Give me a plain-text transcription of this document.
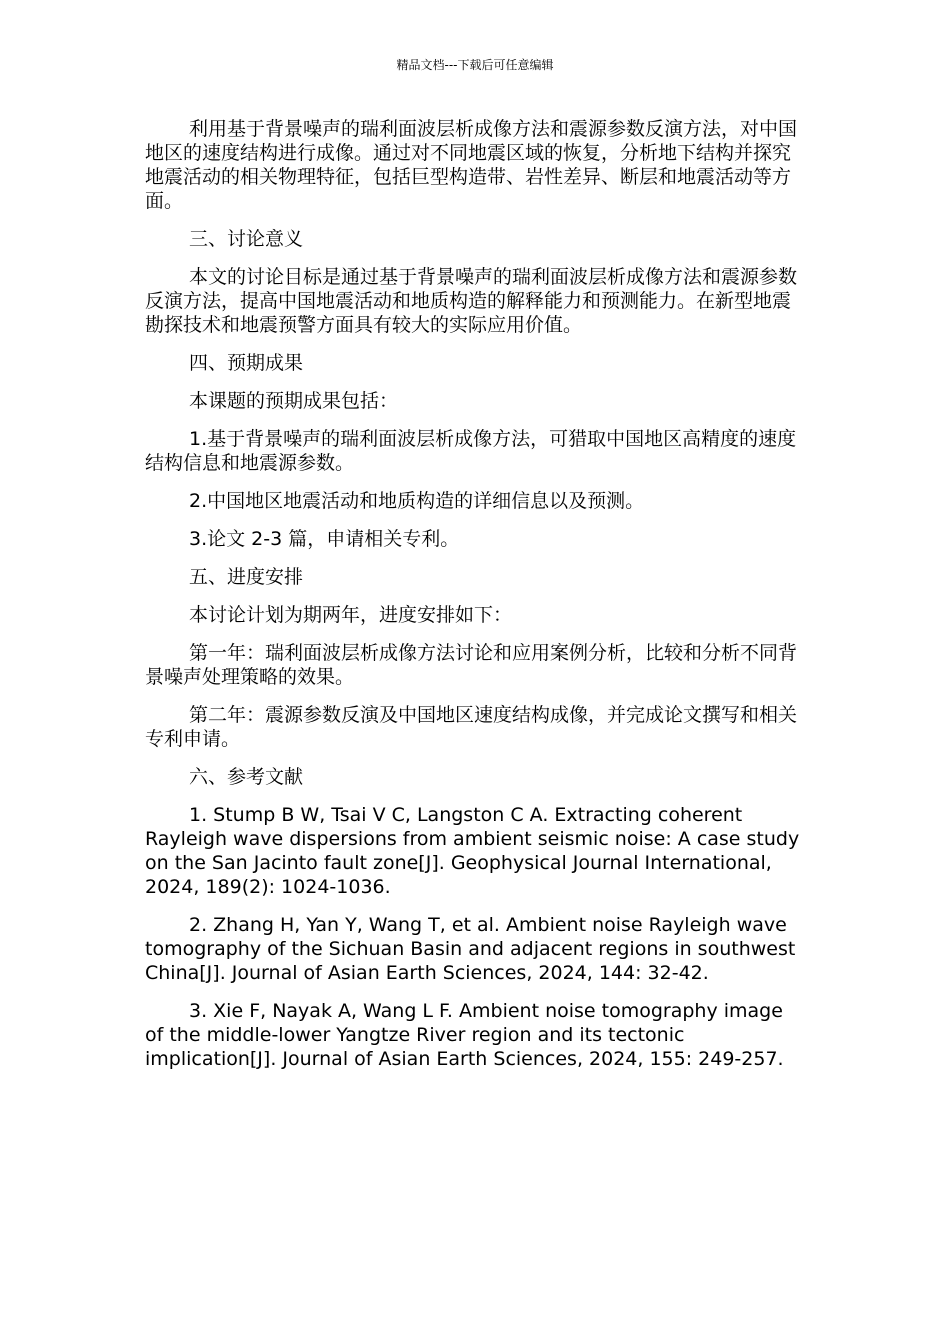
精品文档---下载后可任意编辑

利用基于背景噪声的瑞利面波层析成像方法和震源参数反演方法，对中国地区的速度结构进行成像。通过对不同地震区域的恢复，分析地下结构并探究地震活动的相关物理特征，包括巨型构造带、岩性差异、断层和地震活动等方面。

三、讨论意义

本文的讨论目标是通过基于背景噪声的瑞利面波层析成像方法和震源参数反演方法，提高中国地震活动和地质构造的解释能力和预测能力。在新型地震勘探技术和地震预警方面具有较大的实际应用价值。

四、预期成果

本课题的预期成果包括：

1.基于背景噪声的瑞利面波层析成像方法，可猎取中国地区高精度的速度结构信息和地震源参数。

2.中国地区地震活动和地质构造的详细信息以及预测。

3.论文 2-3 篇，申请相关专利。

五、进度安排

本讨论计划为期两年，进度安排如下：

第一年：瑞利面波层析成像方法讨论和应用案例分析，比较和分析不同背景噪声处理策略的效果。

第二年：震源参数反演及中国地区速度结构成像，并完成论文撰写和相关专利申请。

六、参考文献

1. Stump B W, Tsai V C, Langston C A. Extracting coherent Rayleigh wave dispersions from ambient seismic noise: A case study on the San Jacinto fault zone[J]. Geophysical Journal International, 2024, 189(2): 1024-1036.

2. Zhang H, Yan Y, Wang T, et al. Ambient noise Rayleigh wave tomography of the Sichuan Basin and adjacent regions in southwest China[J]. Journal of Asian Earth Sciences, 2024, 144: 32-42.

3. Xie F, Nayak A, Wang L F. Ambient noise tomography image of the middle-lower Yangtze River region and its tectonic implication[J]. Journal of Asian Earth Sciences, 2024, 155: 249-257.
